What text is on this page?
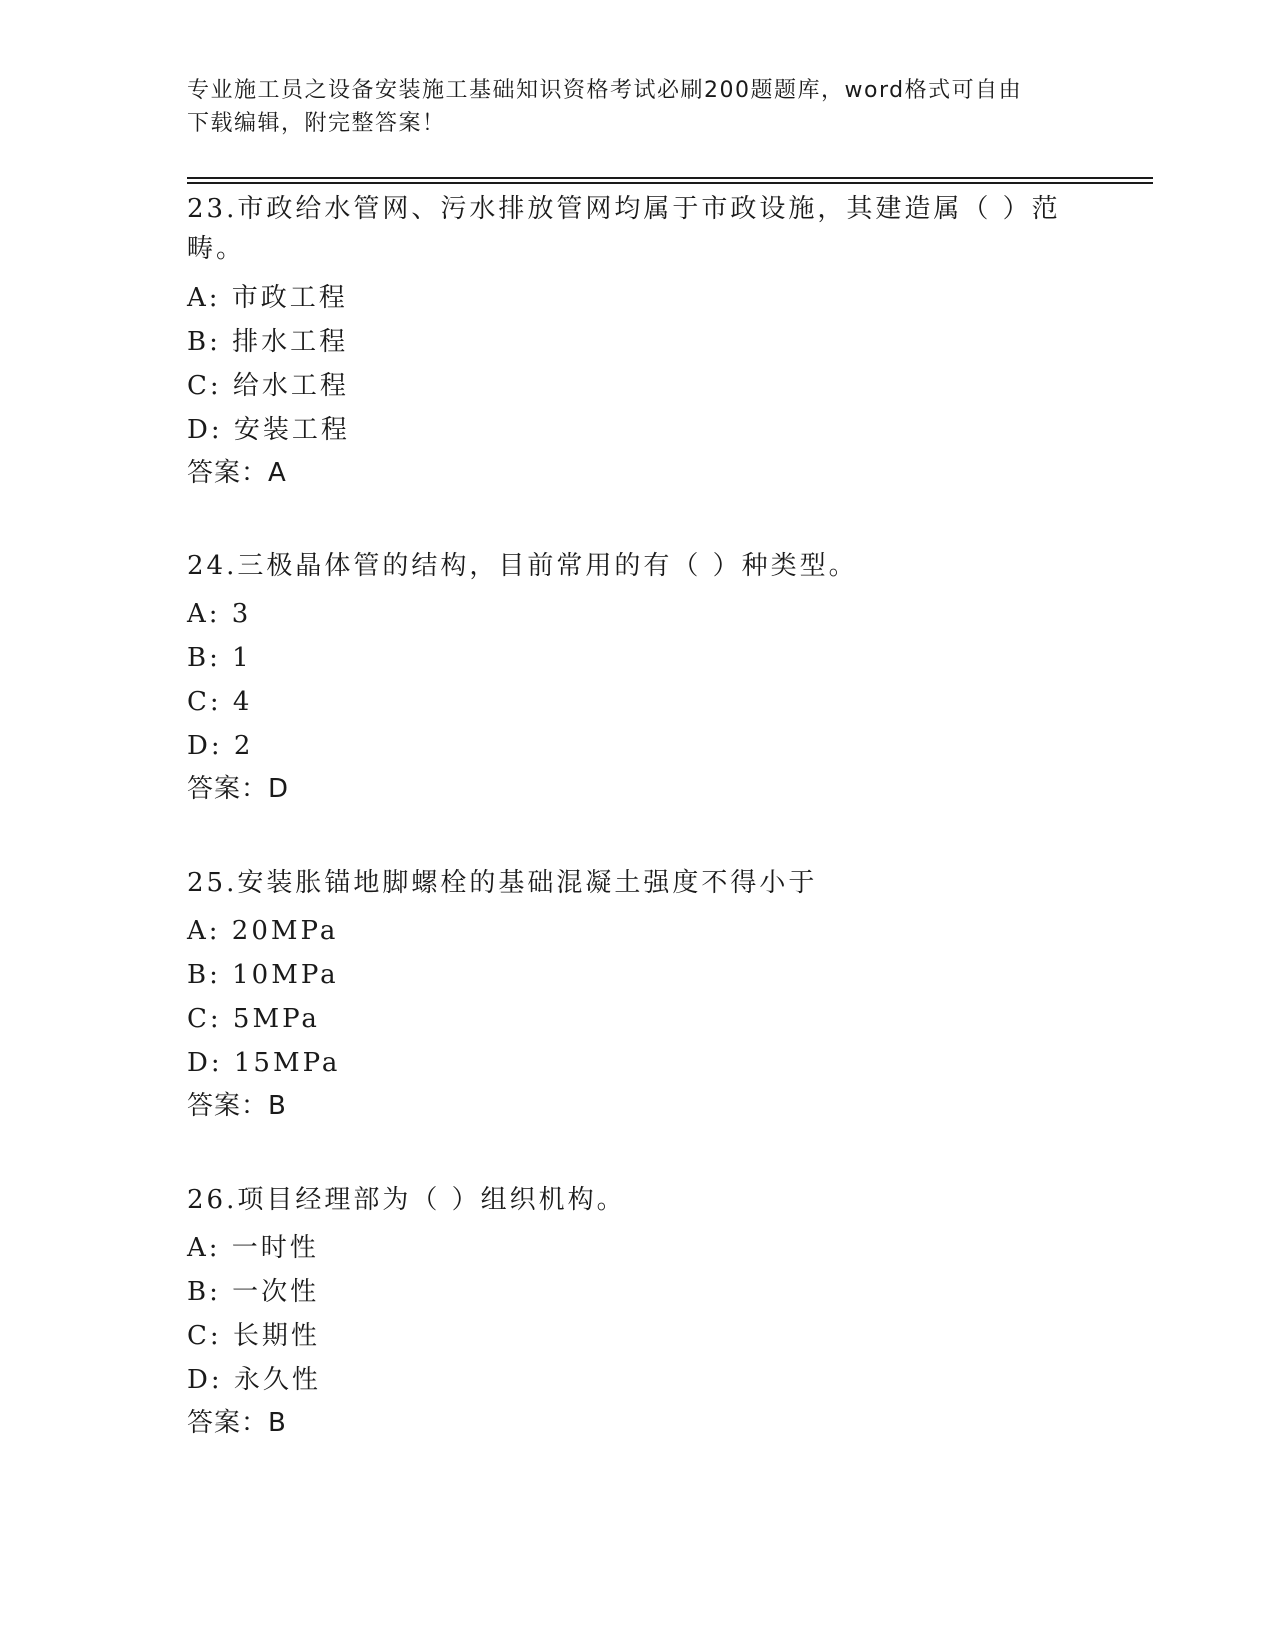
专业施工员之设备安装施工基础知识资格考试必刷200题题库，word格式可自由
下载编辑，附完整答案！
23.市政给水管网、污水排放管网均属于市政设施，其建造属（ ）范
畴。
A: 市政工程
B: 排水工程
C: 给水工程
D: 安装工程
答案：A
24.三极晶体管的结构，目前常用的有（ ）种类型。
A: 3
B: 1
C: 4
D: 2
答案：D
25.安装胀锚地脚螺栓的基础混凝土强度不得小于
A: 20MPa
B: 10MPa
C: 5MPa
D: 15MPa
答案：B
26.项目经理部为（ ）组织机构。
A: 一时性
B: 一次性
C: 长期性
D: 永久性
答案：B
